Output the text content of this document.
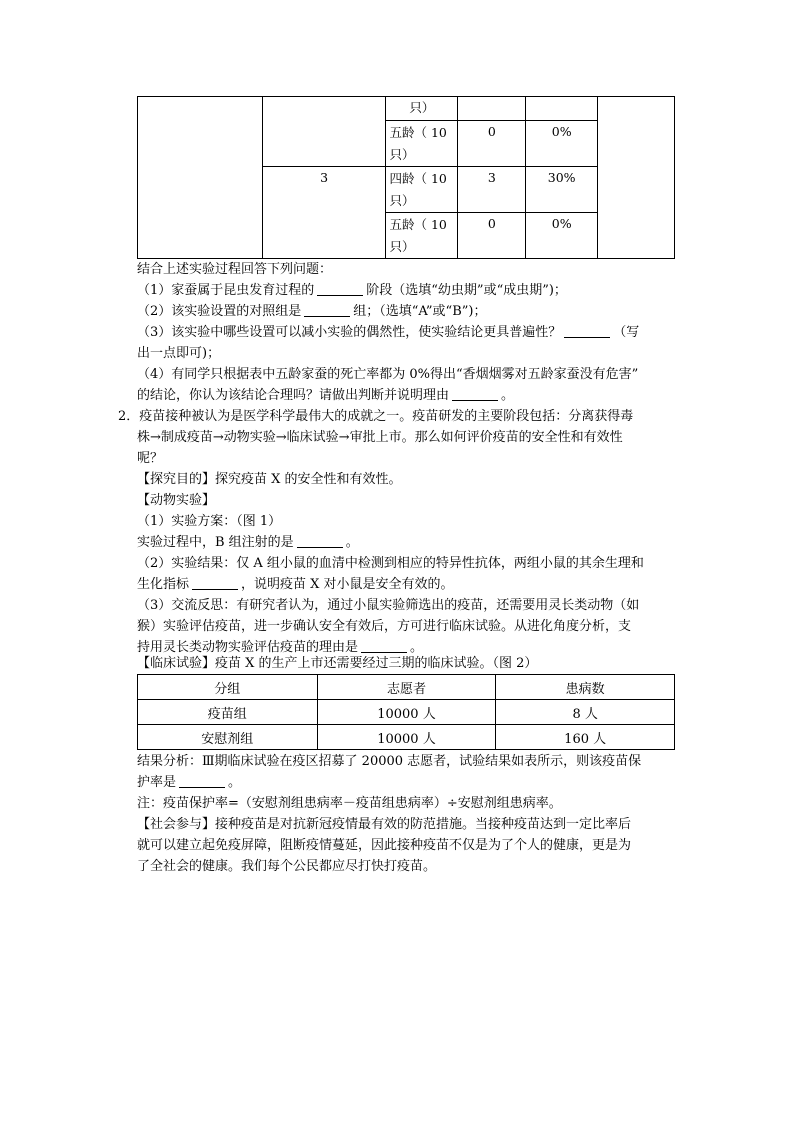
		只）			

		五龄（ 10
只）	0	0%	
	3	四龄（ 10
只）	3	30%	

		五龄（ 10
只）	0	0%	
结合上述实验过程回答下列问题：
（1）家蚕属于昆虫发育过程的	阶段（选填“幼虫期”或“成虫期”)；
（2）该实验设置的对照组是	组；（选填“A”或“B”)；
（3）该实验中哪些设置可以减小实验的偶然性，使实验结论更具普遍性？	（写
出一点即可)；
（4）有同学只根据表中五龄家蚕的死亡率都为 0%得出“香烟烟雾对五龄家蚕没有危害”
的结论，你认为该结论合理吗？请做出判断并说明理由	。
2．疫苗接种被认为是医学科学最伟大的成就之一。疫苗研发的主要阶段包括：分离获得毒
株→制成疫苗→动物实验→临床试验→审批上市。那么如何评价疫苗的安全性和有效性
呢？
【探究目的】探究疫苗 X 的安全性和有效性。
【动物实验】
（1）实验方案：（图 1）
实验过程中，B 组注射的是	。
（2）实验结果：仅 A 组小鼠的血清中检测到相应的特异性抗体，两组小鼠的其余生理和
生化指标	，说明疫苗 X 对小鼠是安全有效的。
（3）交流反思：有研究者认为，通过小鼠实验筛选出的疫苗，还需要用灵长类动物（如
猴）实验评估疫苗，进一步确认安全有效后，方可进行临床试验。从进化角度分析，支
持用灵长类动物实验评估疫苗的理由是	。
【临床试验】疫苗 X 的生产上市还需要经过三期的临床试验。（图 2）
分组	志愿者	患病数
疫苗组	10000 人	8 人
安慰剂组	10000 人	160 人
结果分析：Ⅲ期临床试验在疫区招募了 20000 志愿者，试验结果如表所示，则该疫苗保
护率是	。
注：疫苗保护率=（安慰剂组患病率－疫苗组患病率）÷安慰剂组患病率。
【社会参与】接种疫苗是对抗新冠疫情最有效的防范措施。当接种疫苗达到一定比率后
就可以建立起免疫屏障，阻断疫情蔓延，因此接种疫苗不仅是为了个人的健康，更是为
了全社会的健康。我们每个公民都应尽打快打疫苗。
